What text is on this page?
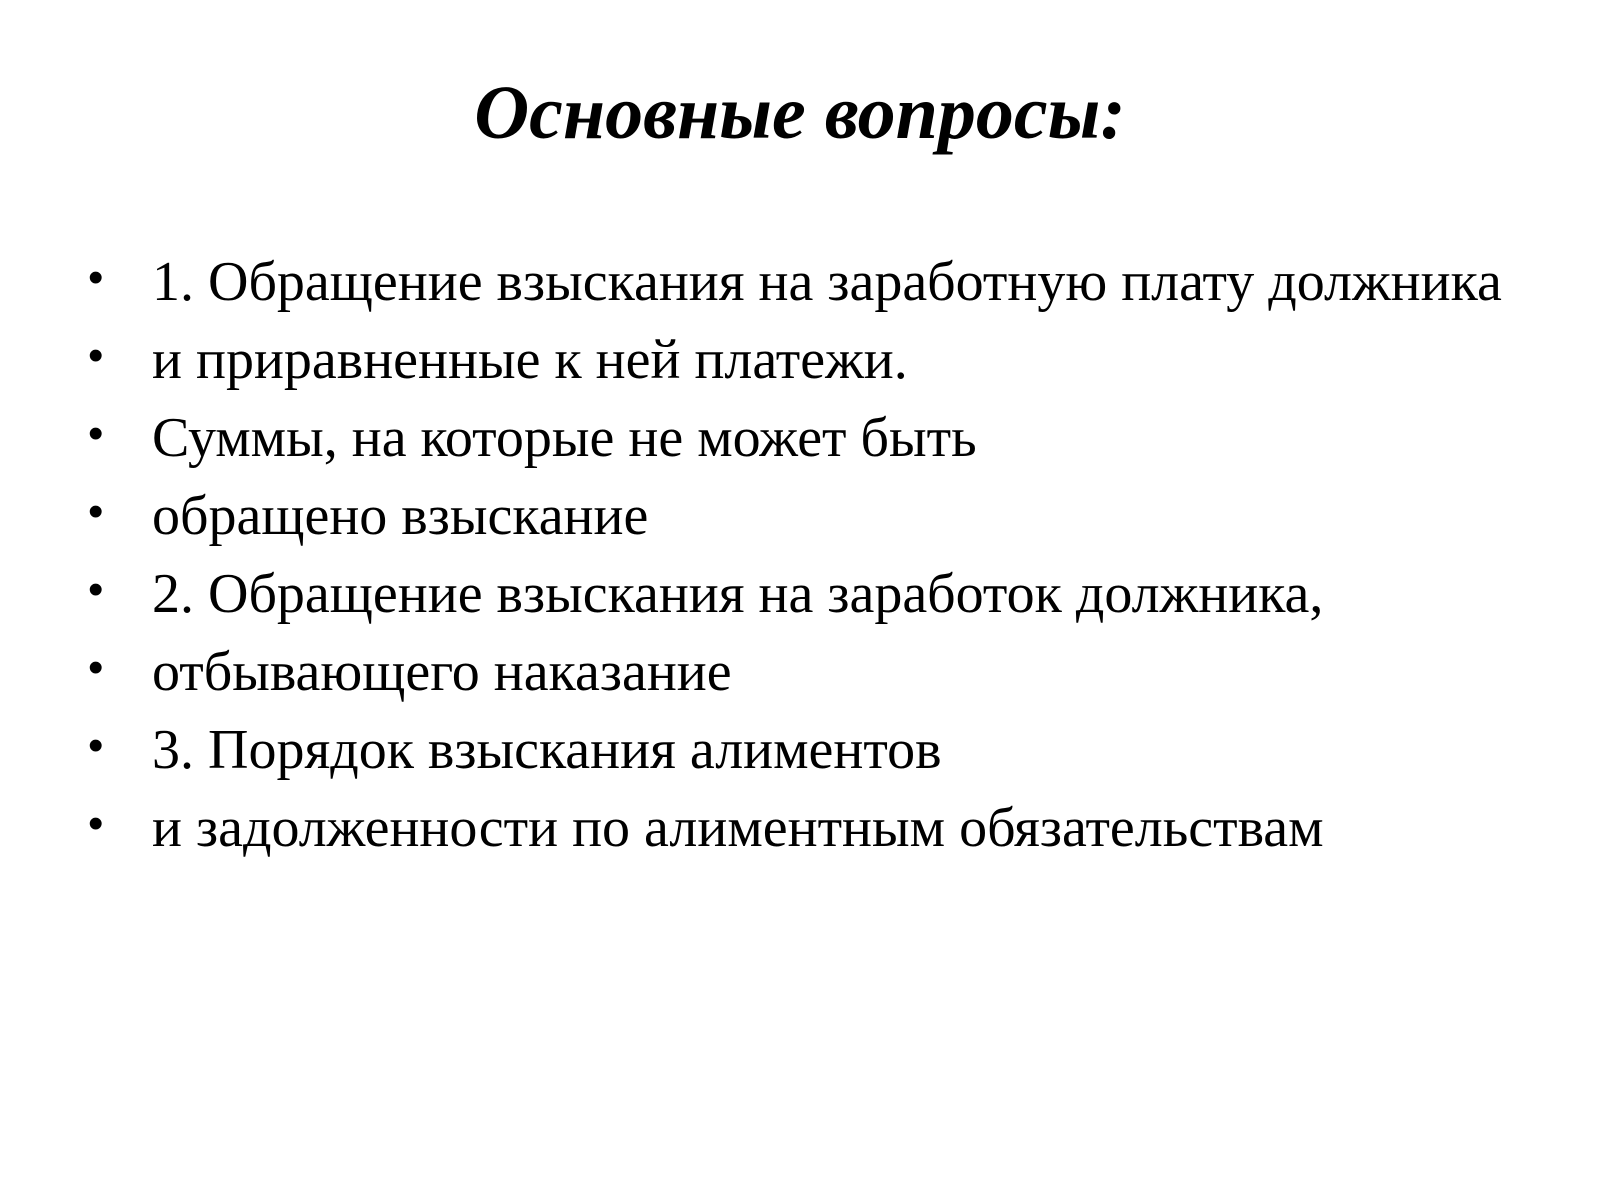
Основные вопросы:
• 1. Обращение взыскания на заработную плату должника
• и приравненные к ней платежи.
• Суммы, на которые не может быть
• обращено взыскание
• 2. Обращение взыскания на заработок должника,
• отбывающего наказание
• 3. Порядок взыскания алиментов
• и задолженности по алиментным обязательствам
